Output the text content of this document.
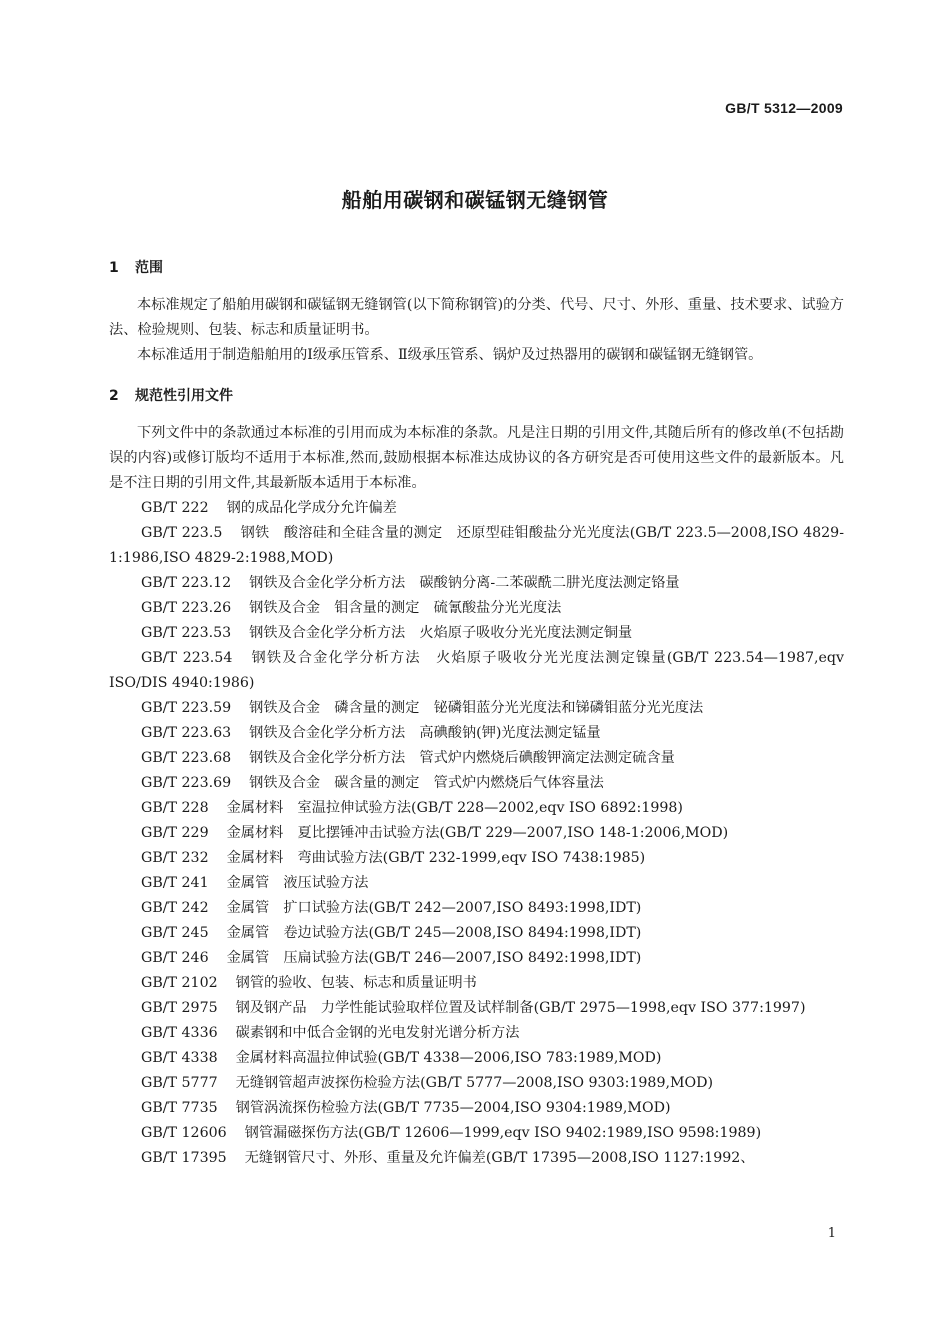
GB/T 5312—2009
船舶用碳钢和碳锰钢无缝钢管
1 范围

本标准规定了船舶用碳钢和碳锰钢无缝钢管(以下简称钢管)的分类、代号、尺寸、外形、重量、技术要求、试验方法、检验规则、包装、标志和质量证明书。

本标准适用于制造船舶用的Ⅰ级承压管系、Ⅱ级承压管系、锅炉及过热器用的碳钢和碳锰钢无缝钢管。

2 规范性引用文件

下列文件中的条款通过本标准的引用而成为本标准的条款。凡是注日期的引用文件,其随后所有的修改单(不包括勘误的内容)或修订版均不适用于本标准,然而,鼓励根据本标准达成协议的各方研究是否可使用这些文件的最新版本。凡是不注日期的引用文件,其最新版本适用于本标准。

GB/T 222 钢的成品化学成分允许偏差

GB/T 223.5 钢铁　酸溶硅和全硅含量的测定　还原型硅钼酸盐分光光度法(GB/T 223.5—2008,ISO 4829-1:1986,ISO 4829-2:1988,MOD)

GB/T 223.12 钢铁及合金化学分析方法　碳酸钠分离-二苯碳酰二肼光度法测定铬量

GB/T 223.26 钢铁及合金　钼含量的测定　硫氰酸盐分光光度法

GB/T 223.53 钢铁及合金化学分析方法　火焰原子吸收分光光度法测定铜量

GB/T 223.54 钢铁及合金化学分析方法　火焰原子吸收分光光度法测定镍量(GB/T 223.54—1987,eqv ISO/DIS 4940:1986)

GB/T 223.59 钢铁及合金　磷含量的测定　铋磷钼蓝分光光度法和锑磷钼蓝分光光度法

GB/T 223.63 钢铁及合金化学分析方法　高碘酸钠(钾)光度法测定锰量

GB/T 223.68 钢铁及合金化学分析方法　管式炉内燃烧后碘酸钾滴定法测定硫含量

GB/T 223.69 钢铁及合金　碳含量的测定　管式炉内燃烧后气体容量法

GB/T 228 金属材料　室温拉伸试验方法(GB/T 228—2002,eqv ISO 6892:1998)

GB/T 229 金属材料　夏比摆锤冲击试验方法(GB/T 229—2007,ISO 148-1:2006,MOD)

GB/T 232 金属材料　弯曲试验方法(GB/T 232-1999,eqv ISO 7438:1985)

GB/T 241 金属管　液压试验方法

GB/T 242 金属管　扩口试验方法(GB/T 242—2007,ISO 8493:1998,IDT)

GB/T 245 金属管　卷边试验方法(GB/T 245—2008,ISO 8494:1998,IDT)

GB/T 246 金属管　压扁试验方法(GB/T 246—2007,ISO 8492:1998,IDT)

GB/T 2102 钢管的验收、包装、标志和质量证明书

GB/T 2975 钢及钢产品　力学性能试验取样位置及试样制备(GB/T 2975—1998,eqv ISO 377:1997)

GB/T 4336 碳素钢和中低合金钢的光电发射光谱分析方法

GB/T 4338 金属材料高温拉伸试验(GB/T 4338—2006,ISO 783:1989,MOD)

GB/T 5777 无缝钢管超声波探伤检验方法(GB/T 5777—2008,ISO 9303:1989,MOD)

GB/T 7735 钢管涡流探伤检验方法(GB/T 7735—2004,ISO 9304:1989,MOD)

GB/T 12606 钢管漏磁探伤方法(GB/T 12606—1999,eqv ISO 9402:1989,ISO 9598:1989)

GB/T 17395 无缝钢管尺寸、外形、重量及允许偏差(GB/T 17395—2008,ISO 1127:1992、

1
